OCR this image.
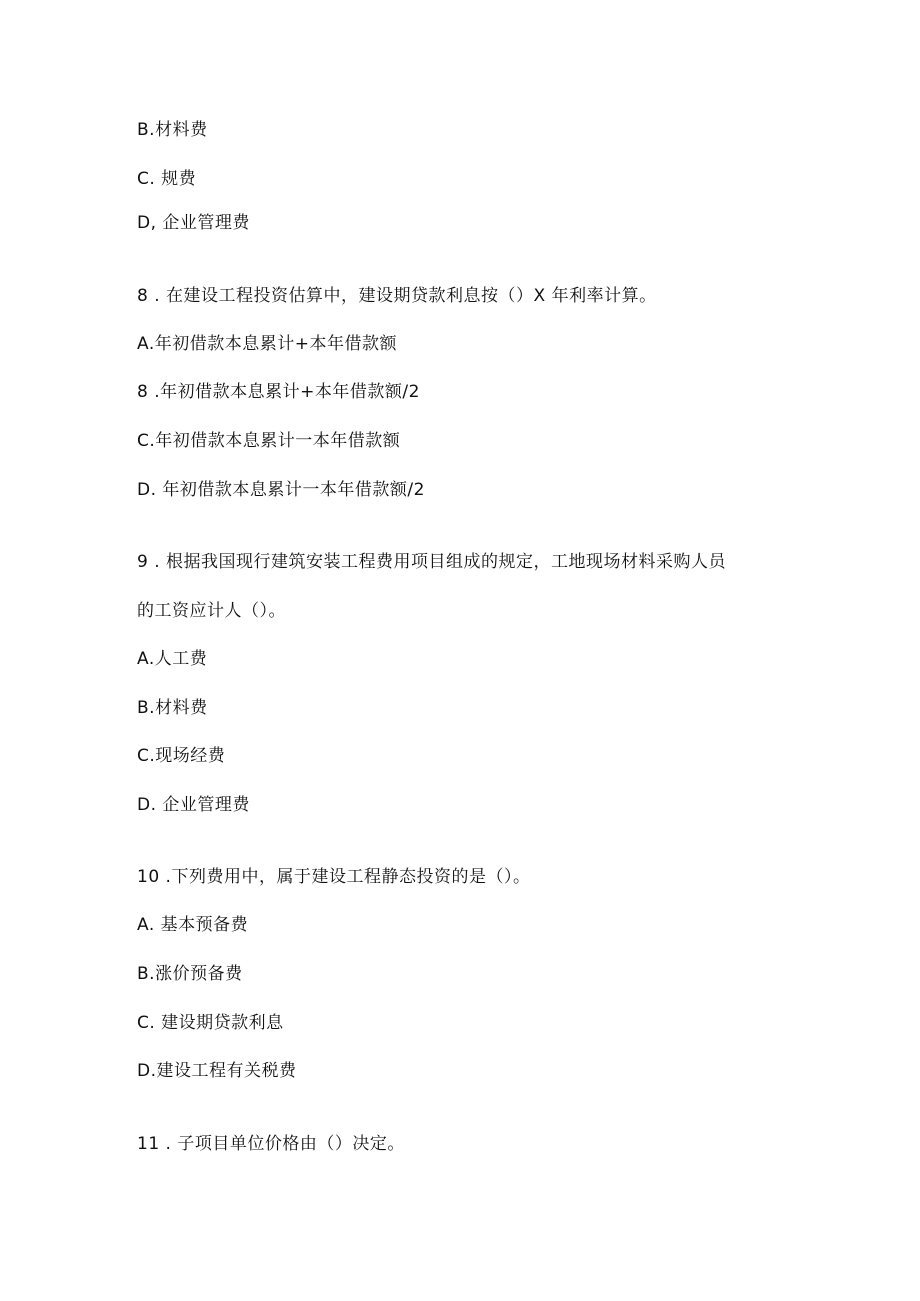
B.材料费
C. 规费
D, 企业管理费
8 . 在建设工程投资估算中，建设期贷款利息按（）X 年利率计算。
A.年初借款本息累计+本年借款额
8 .年初借款本息累计+本年借款额/2
C.年初借款本息累计一本年借款额
D. 年初借款本息累计一本年借款额/2
9 . 根据我国现行建筑安装工程费用项目组成的规定，工地现场材料采购人员
的工资应计人（）。
A.人工费
B.材料费
C.现场经费
D. 企业管理费
10 .下列费用中，属于建设工程静态投资的是（）。
A. 基本预备费
B.涨价预备费
C. 建设期贷款利息
D.建设工程有关税费
11 . 子项目单位价格由（）决定。
